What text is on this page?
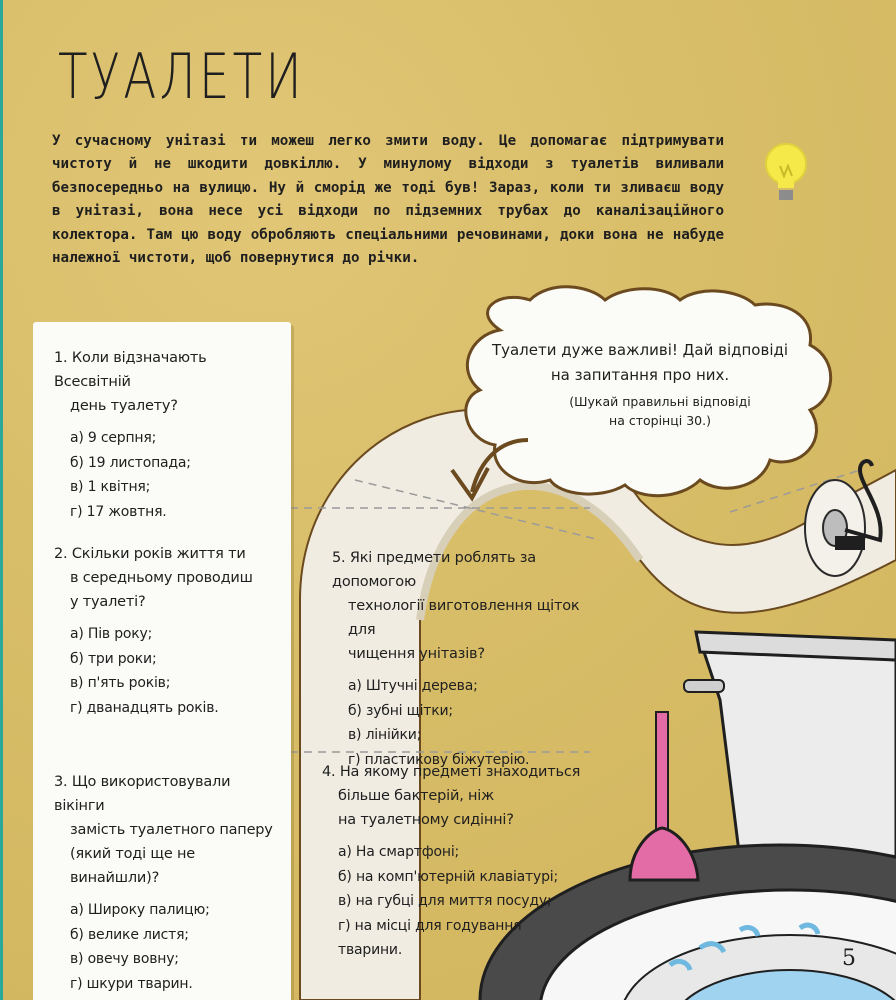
ТУАЛЕТИ

У сучасному унітазі ти можеш легко змити воду. Це допомагає підтримувати чистоту й не шкодити довкіллю. У минулому відходи з туалетів виливали безпосередньо на вулицю. Ну й сморід же тоді був! Зараз, коли ти зливаєш воду в унітазі, вона несе усі відходи по підземних трубах до каналізаційного колектора. Там цю воду обробляють спеціальними речовинами, доки вона не набуде належної чистоти, щоб повернутися до річки.

1. Коли відзначають Всесвітній

день туалету?

а) 9 серпня;

б) 19 листопада;

в) 1 квітня;

г) 17 жовтня.

2. Скільки років життя ти

в середньому проводиш

у туалеті?

а) Пів року;

б) три роки;

в) п'ять років;

г) дванадцять років.

3. Що використовували вікінги

замість туалетного паперу

(який тоді ще не винайшли)?

а) Широку палицю;

б) велике листя;

в) овечу вовну;

г) шкури тварин.

5. Які предмети роблять за допомогою

технології виготовлення щіток для

чищення унітазів?

а) Штучні дерева;

б) зубні щітки;

в) лінійки;

г) пластикову біжутерію.

4. На якому предметі знаходиться

більше бактерій, ніж

на туалетному сидінні?

а) На смартфоні;

б) на комп'ютерній клавіатурі;

в) на губці для миття посуду;

г) на місці для годування тварини.

Туалети дуже важливі! Дай відповіді

на запитання про них.

(Шукай правильні відповіді

на сторінці 30.)

5
